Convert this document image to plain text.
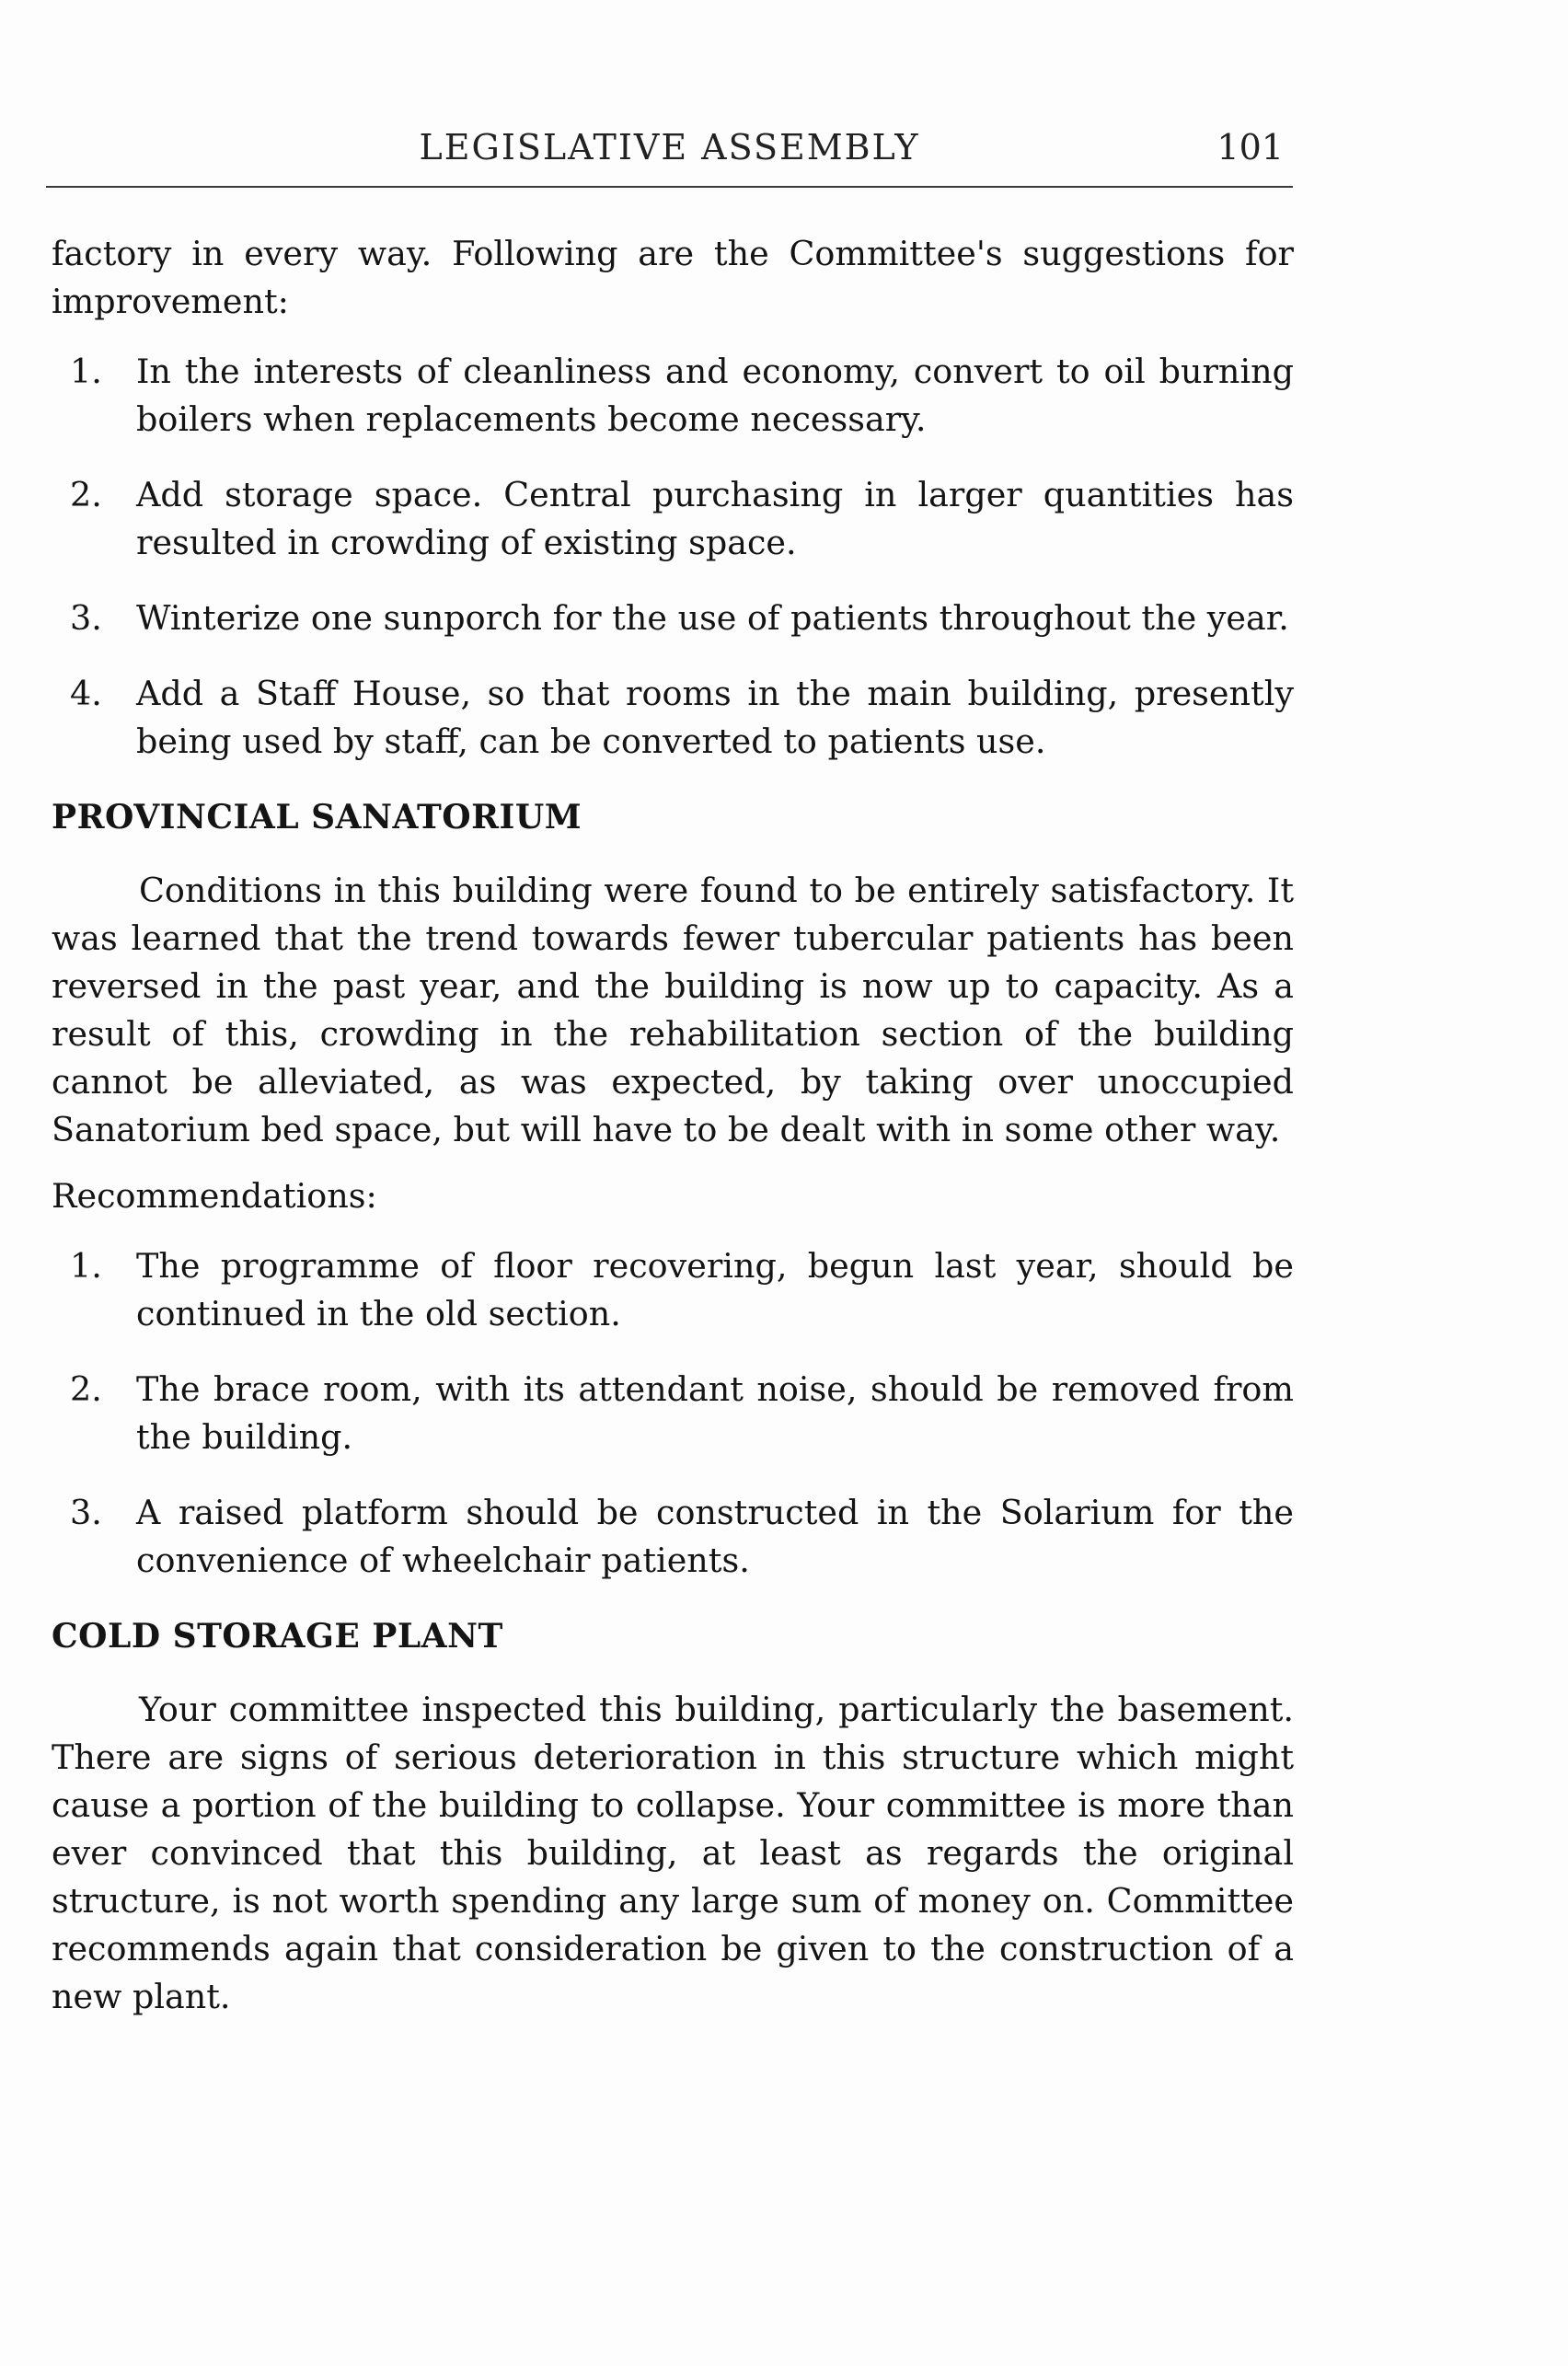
LEGISLATIVE ASSEMBLY	101

factory in every way. Following are the Committee's suggestions for improvement:

1. In the interests of cleanliness and economy, convert to oil burning boilers when replacements become necessary.
2. Add storage space. Central purchasing in larger quantities has resulted in crowding of existing space.
3. Winterize one sunporch for the use of patients throughout the year.
4. Add a Staff House, so that rooms in the main building, presently being used by staff, can be converted to patients use.
PROVINCIAL SANATORIUM

Conditions in this building were found to be entirely satisfactory. It was learned that the trend towards fewer tubercular patients has been reversed in the past year, and the building is now up to capacity. As a result of this, crowding in the rehabilitation section of the building cannot be alleviated, as was expected, by taking over unoccupied Sanatorium bed space, but will have to be dealt with in some other way.

Recommendations:

1. The programme of floor recovering, begun last year, should be continued in the old section.
2. The brace room, with its attendant noise, should be removed from the building.
3. A raised platform should be constructed in the Solarium for the convenience of wheelchair patients.
COLD STORAGE PLANT

Your committee inspected this building, particularly the basement. There are signs of serious deterioration in this structure which might cause a portion of the building to collapse. Your committee is more than ever convinced that this building, at least as regards the original structure, is not worth spending any large sum of money on. Committee recommends again that consideration be given to the construction of a new plant.
